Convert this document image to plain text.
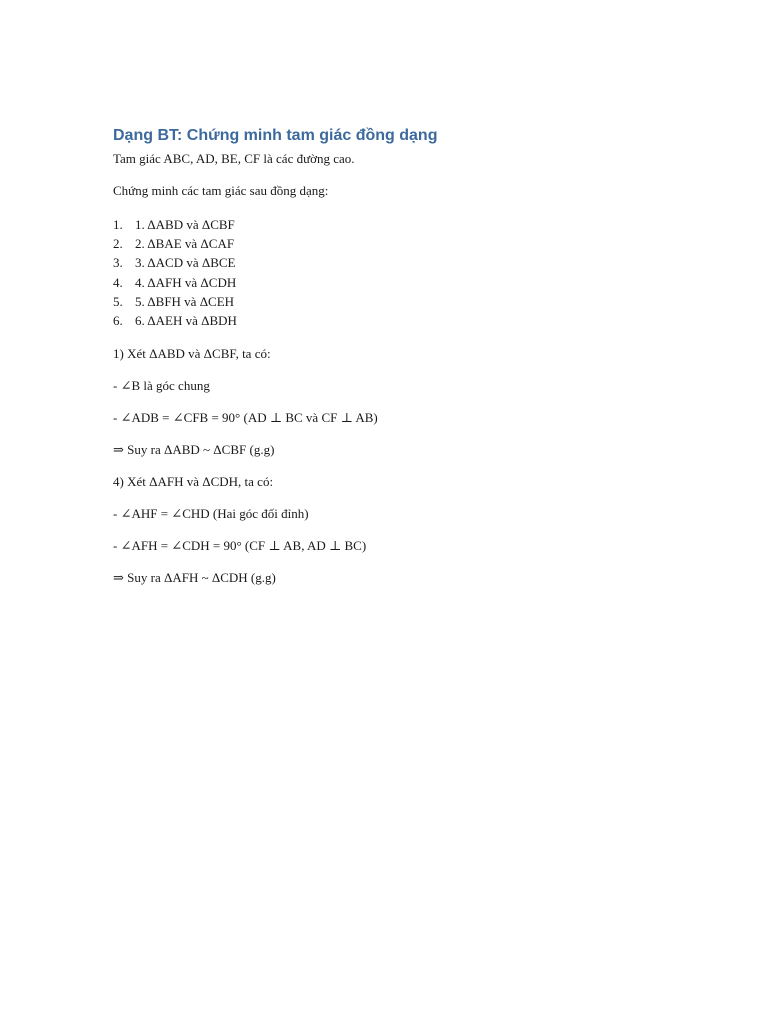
Dạng BT: Chứng minh tam giác đồng dạng

Tam giác ABC, AD, BE, CF là các đường cao.

Chứng minh các tam giác sau đồng dạng:

1. 1. ΔABD và ΔCBF
2. 2. ΔBAE và ΔCAF
3. 3. ΔACD và ΔBCE
4. 4. ΔAFH và ΔCDH
5. 5. ΔBFH và ΔCEH
6. 6. ΔAEH và ΔBDH

1) Xét ΔABD và ΔCBF, ta có:

- ∠B là góc chung

- ∠ADB = ∠CFB = 90° (AD ⊥ BC và CF ⊥ AB)

⇒ Suy ra ΔABD ~ ΔCBF (g.g)

4) Xét ΔAFH và ΔCDH, ta có:

- ∠AHF = ∠CHD (Hai góc đối đỉnh)

- ∠AFH = ∠CDH = 90° (CF ⊥ AB, AD ⊥ BC)

⇒ Suy ra ΔAFH ~ ΔCDH (g.g)
